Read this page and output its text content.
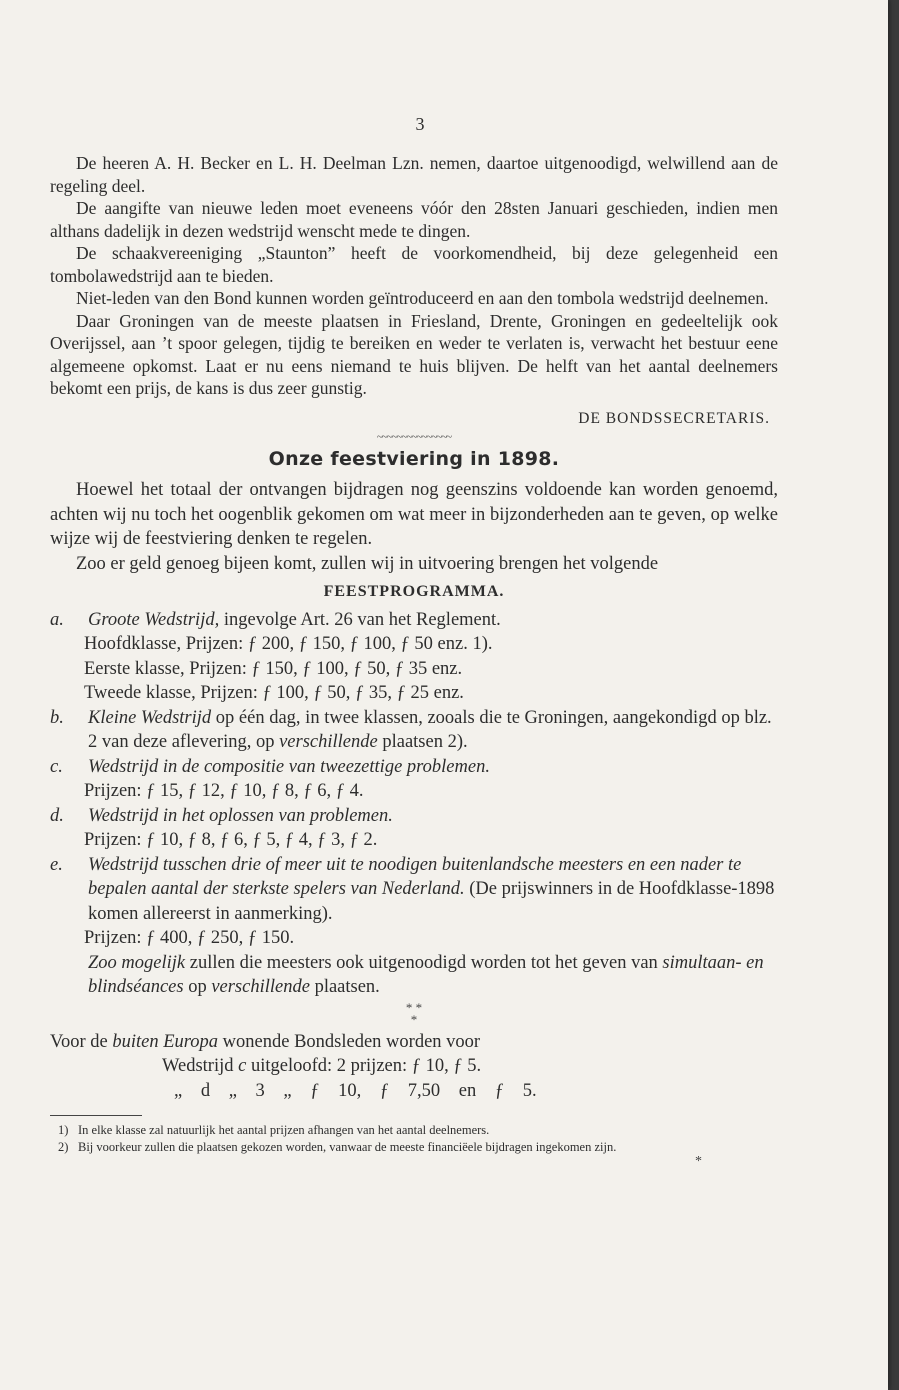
3

De heeren A. H. Becker en L. H. Deelman Lzn. nemen, daartoe uitgenoodigd, welwillend aan de regeling deel.

De aangifte van nieuwe leden moet eveneens vóór den 28sten Januari geschieden, indien men althans dadelijk in dezen wedstrijd wenscht mede te dingen.

De schaakvereeniging „Staunton” heeft de voorkomendheid, bij deze gelegenheid een tombolawedstrijd aan te bieden.

Niet-leden van den Bond kunnen worden geïntroduceerd en aan den tombola wedstrijd deelnemen.

Daar Groningen van de meeste plaatsen in Friesland, Drente, Groningen en gedeeltelijk ook Overijssel, aan ’t spoor gelegen, tijdig te bereiken en weder te verlaten is, verwacht het bestuur eene algemeene opkomst. Laat er nu eens niemand te huis blijven. De helft van het aantal deelnemers bekomt een prijs, de kans is dus zeer gunstig.

DE BONDSSECRETARIS.
~~~~~~~~~~~~~~~
Onze feestviering in 1898.

Hoewel het totaal der ontvangen bijdragen nog geenszins voldoende kan worden genoemd, achten wij nu toch het oogenblik gekomen om wat meer in bijzonderheden aan te geven, op welke wijze wij de feestviering denken te regelen.

Zoo er geld genoeg bijeen komt, zullen wij in uitvoering brengen het volgende

FEESTPROGRAMMA.
a. Groote Wedstrijd, ingevolge Art. 26 van het Reglement.
Hoofdklasse, Prijzen: ƒ 200, ƒ 150, ƒ 100, ƒ 50 enz. 1).
Eerste klasse, Prijzen: ƒ 150, ƒ 100, ƒ 50, ƒ 35 enz.
Tweede klasse, Prijzen: ƒ 100, ƒ 50, ƒ 35, ƒ 25 enz.
b. Kleine Wedstrijd op één dag, in twee klassen, zooals die te Groningen, aangekondigd op blz. 2 van deze aflevering, op verschillende plaatsen 2).
c. Wedstrijd in de compositie van tweezettige problemen.
Prijzen: ƒ 15, ƒ 12, ƒ 10, ƒ 8, ƒ 6, ƒ 4.
d. Wedstrijd in het oplossen van problemen.
Prijzen: ƒ 10, ƒ 8, ƒ 6, ƒ 5, ƒ 4, ƒ 3, ƒ 2.
e. Wedstrijd tusschen drie of meer uit te noodigen buitenlandsche meesters en een nader te bepalen aantal der sterkste spelers van Nederland. (De prijswinners in de Hoofdklasse-1898 komen allereerst in aanmerking).
Prijzen: ƒ 400, ƒ 250, ƒ 150.
Zoo mogelijk zullen die meesters ook uitgenoodigd worden tot het geven van simultaan- en blindséances op verschillende plaatsen.
* *
*

Voor de buiten Europa wonende Bondsleden worden voor

Wedstrijd c uitgeloofd: 2 prijzen: ƒ 10, ƒ 5.
„ d „ 3 „ ƒ 10, ƒ 7,50 en ƒ 5.
1) In elke klasse zal natuurlijk het aantal prijzen afhangen van het aantal deelnemers.
2) Bij voorkeur zullen die plaatsen gekozen worden, vanwaar de meeste financiëele bijdragen ingekomen zijn.
*
